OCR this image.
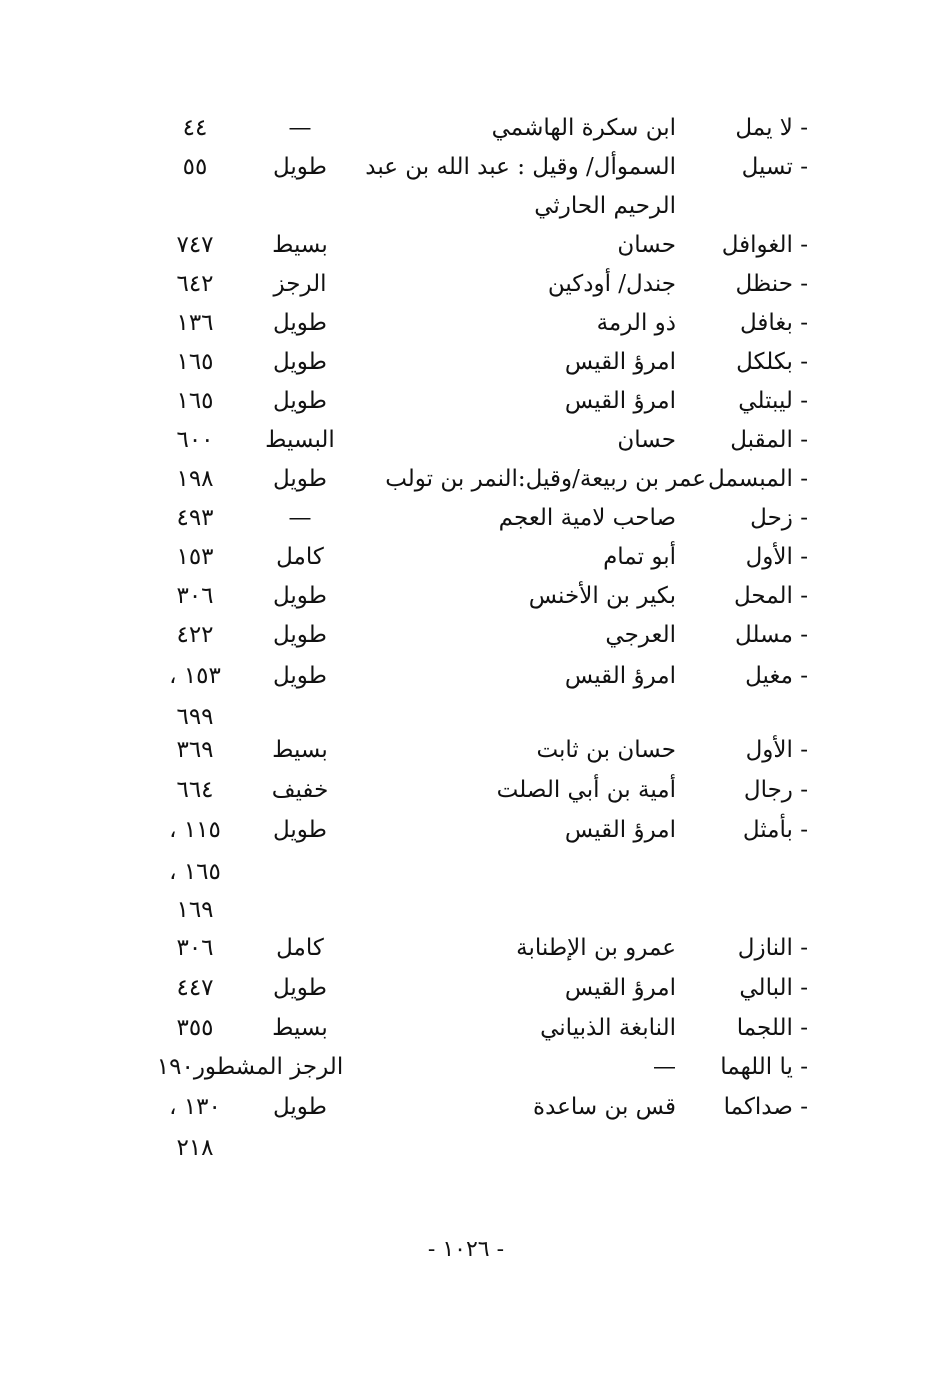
- لا يمل
ابن سكرة الهاشمي
—
٤٤
- تسيل
السموأل/ وقيل : عبد الله بن عبد
طويل
٥٥
الرحيم الحارثي
- الغوافل
حسان
بسيط
٧٤٧
- حنظل
جندل/ أودكين
الرجز
٦٤٢
- بغافل
ذو الرمة
طويل
١٣٦
- بكلكل
امرؤ القيس
طويل
١٦٥
- ليبتلي
امرؤ القيس
طويل
١٦٥
- المقبل
حسان
البسيط
٦٠٠
- المبسمل
عمر بن ربيعة/وقيل:النمر بن تولب
طويل
١٩٨
- زحل
صاحب لامية العجم
—
٤٩٣
- الأول
أبو تمام
كامل
١٥٣
- المحل
بكير بن الأخنس
طويل
٣٠٦
- مسلل
العرجي
طويل
٤٢٢
- مغيل
امرؤ القيس
طويل
١٥٣ ،
٦٩٩
- الأول
حسان بن ثابت
بسيط
٣٦٩
- رجال
أمية بن أبي الصلت
خفيف
٦٦٤
- بأمثل
امرؤ القيس
طويل
١١٥ ،
١٦٥ ،
١٦٩
- النازل
عمرو بن الإطنابة
كامل
٣٠٦
- البالي
امرؤ القيس
طويل
٤٤٧
- اللجما
النابغة الذبياني
بسيط
٣٥٥
- يا اللهما
—
الرجز المشطور١٩٠
- صداكما
قس بن ساعدة
طويل
١٣٠ ،
٢١٨
- ١٠٢٦ -
